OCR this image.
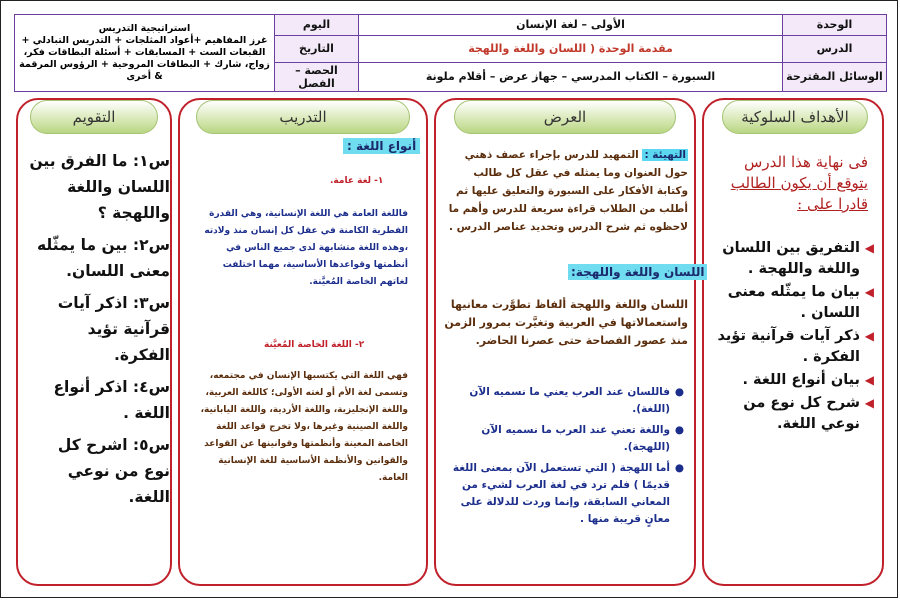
الوحدة	الأولى – لغة الإنسان	اليوم	استراتيجية التدريس
غرز المفاهيم +أعواد المثلجات + التدريس التبادلي + القبعات الست + المسابقات + أسئلة البطاقات فكر، زواج، شارك + البطاقات المروحية + الرؤوس المرقمة & أخرى

الدرس	مقدمة الوحدة ( اللسان واللغة واللهجة	التاريخ	
الوسائل المقترحة	السبورة – الكتاب المدرسي – جهاز عرض – أقلام ملونة	الحصة – الفصل	
الأهداف السلوكية
العرض
التدريب
التقويم
فى نهاية هذا الدرس
يتوقع أن يكون الطالب
قادرا على :
◀
التفريق بين اللسان واللغة واللهجة .
◀
بيان ما يمثّله معنى اللسان .
◀
ذكر آيات قرآنية تؤيد الفكرة .
◀
بيان أنواع اللغة .
◀
شرح كل نوع من نوعي اللغة.
التهيئة : التمهيد للدرس بإجراء عصف ذهني حول العنوان وما يمثله في عقل كل طالب وكتابة الأفكار على السبورة والتعليق عليها ثم أطلب من الطلاب قراءة سريعة للدرس وأهم ما لاحظوه ثم شرح الدرس وتحديد عناصر الدرس .
اللسان واللغة واللهجة:
اللسان واللغة واللهجة ألفاظ تطوَّرت معانيها واستعمالاتها في العربية وتغيَّرت بمرور الزمن منذ عصور الفصاحة حتى عصرنا الحاضر.
●
فاللسان عند العرب يعني ما نسميه الآن (اللغة).
●
واللغة تعني عند العرب ما نسميه الآن (اللهجة).
●
أما اللهجة ( التي تستعمل الآن بمعنى اللغة قديمًا ) فلم ترد في لغة العرب لشيء من المعاني السابقة، وإنما وردت للدلالة على معانٍ قريبة منها .
أنواع اللغة :
١- لغة عامة.
فاللغة العامة هي اللغة الإنسانية، وهي القدرة الفطرية الكامنة في عقل كل إنسان منذ ولادته ،وهذه اللغة متشابهة لدى جميع الناس في أنظمتها وقواعدها الأساسية، مهما اختلفت لغاتهم الخاصة المُعيَّنة.
٢- اللغة الخاصة المُعيَّنة
فهي اللغة التي يكتسبها الإنسان في مجتمعه، وتسمى لغة الأم أو لغته الأولى؛ كاللغة العربية، واللغة الإنجليزية، واللغة الأردية، واللغة اليابانية، واللغة الصينية وغيرها ،ولا تخرج قواعد اللغة الخاصة المعينة وأنظمتها وقوانينها عن القواعد والقوانين والأنظمة الأساسية للغة الإنسانية العامة.

س١: ما الفرق بين اللسان واللغة واللهجة ؟

س٢: بين ما يمثّله معنى اللسان.

س٣: اذكر آيات قرآنية تؤيد الفكرة.

س٤: اذكر أنواع اللغة .

س٥: اشرح كل نوع من نوعي اللغة.
